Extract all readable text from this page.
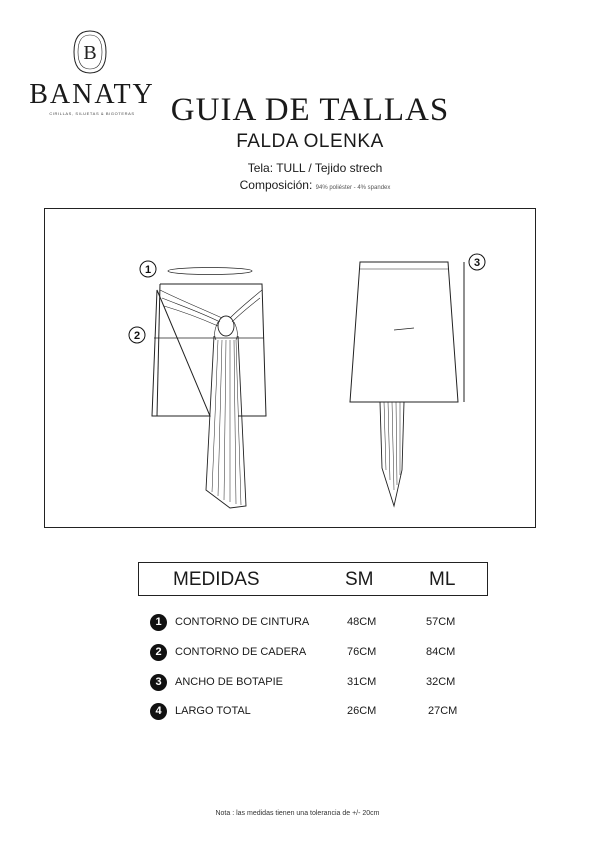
B
BANATY
CIRILLAS, SILUETAS & BIGOTERAS	GUIA DE TALLAS
FALDA OLENKA
Tela: TULL / Tejido strech
Composición: 94% poliéster - 4% spandex
1
2
3
MEDIDAS	SM	ML
1	CONTORNO DE CINTURA	48CM	57CM
2	CONTORNO DE CADERA	76CM	84CM
3	ANCHO DE BOTAPIE	31CM	32CM
4	LARGO TOTAL	26CM	27CM
Nota : las medidas tienen una tolerancia de +/- 20cm
